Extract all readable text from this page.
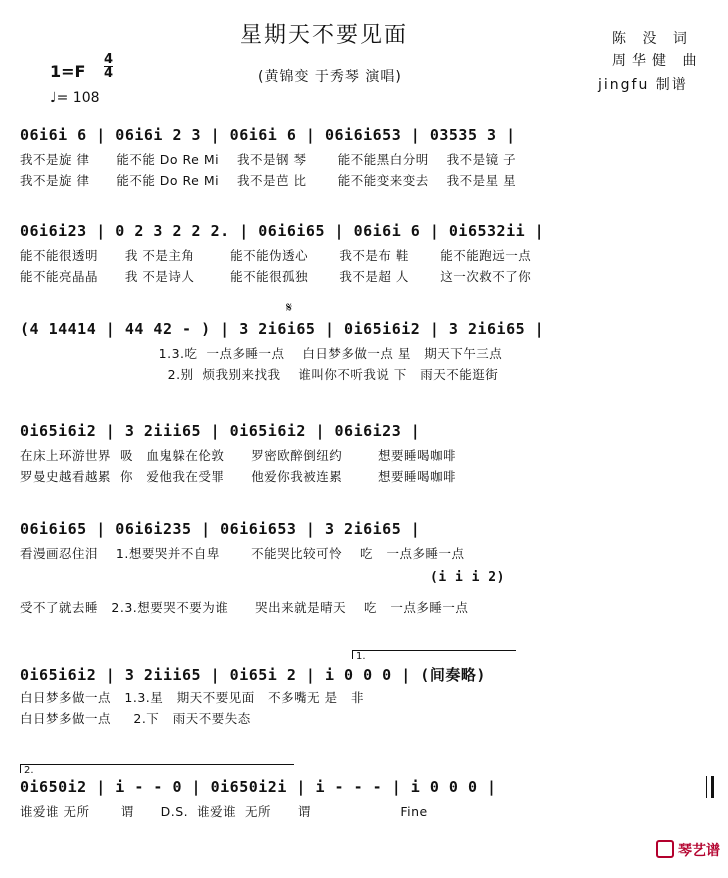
星期天不要见面
(黄锦变 于秀琴 演唱)
陈 没 词
周华健 曲
jingfu 制谱
1=F
4
4
♩= 108
06i6i 6 | 06i6i 2 3 | 06i6i 6 | 06i6i653 | 03535 3 |
我不是旋 律      能不能 Do Re Mi    我不是钢 琴       能不能黑白分明    我不是镜 子
我不是旋 律      能不能 Do Re Mi    我不是芭 比       能不能变来变去    我不是星 星
06i6i23 | 0 2 3 2 2 2. | 06i6i65 | 06i6i 6 | 0i6532ii |
能不能很透明      我 不是主角        能不能伪透心       我不是布 鞋       能不能跑远一点
能不能亮晶晶      我 不是诗人        能不能很孤独       我不是超 人       这一次救不了你
𝄋
(4 14414 | 44 42 - ) | 3 2i6i65 | 0i65i6i2 | 3 2i6i65 |
1.3.吃  一点多睡一点    白日梦多做一点 星   期天下午三点
2.别  烦我别来找我    谁叫你不听我说 下   雨天不能逛街
0i65i6i2 | 3 2iii65 | 0i65i6i2 | 06i6i23 |
在床上环游世界  吸   血鬼躲在伦敦      罗密欧醉倒纽约        想要睡喝咖啡
罗曼史越看越累  你   爱他我在受罪      他爱你我被连累        想要睡喝咖啡
06i6i65 | 06i6i235 | 06i6i653 | 3 2i6i65 |
看漫画忍住泪    1.想要哭并不自卑       不能哭比较可怜    吃   一点多睡一点
(i i i 2)
受不了就去睡   2.3.想要哭不要为谁      哭出来就是晴天    吃   一点多睡一点
1.
0i65i6i2 | 3 2iii65 | 0i65i 2 | i 0 0 0 | (间奏略)
白日梦多做一点   1.3.星   期天不要见面   不多嘴无 是   非
白日梦多做一点     2.下   雨天不要失态
2.
0i650i2 | i - - 0 | 0i650i2i | i - - - | i 0 0 0 |
谁爱谁 无所       谓      D.S.  谁爱谁  无所      谓                    Fine
琴艺谱
